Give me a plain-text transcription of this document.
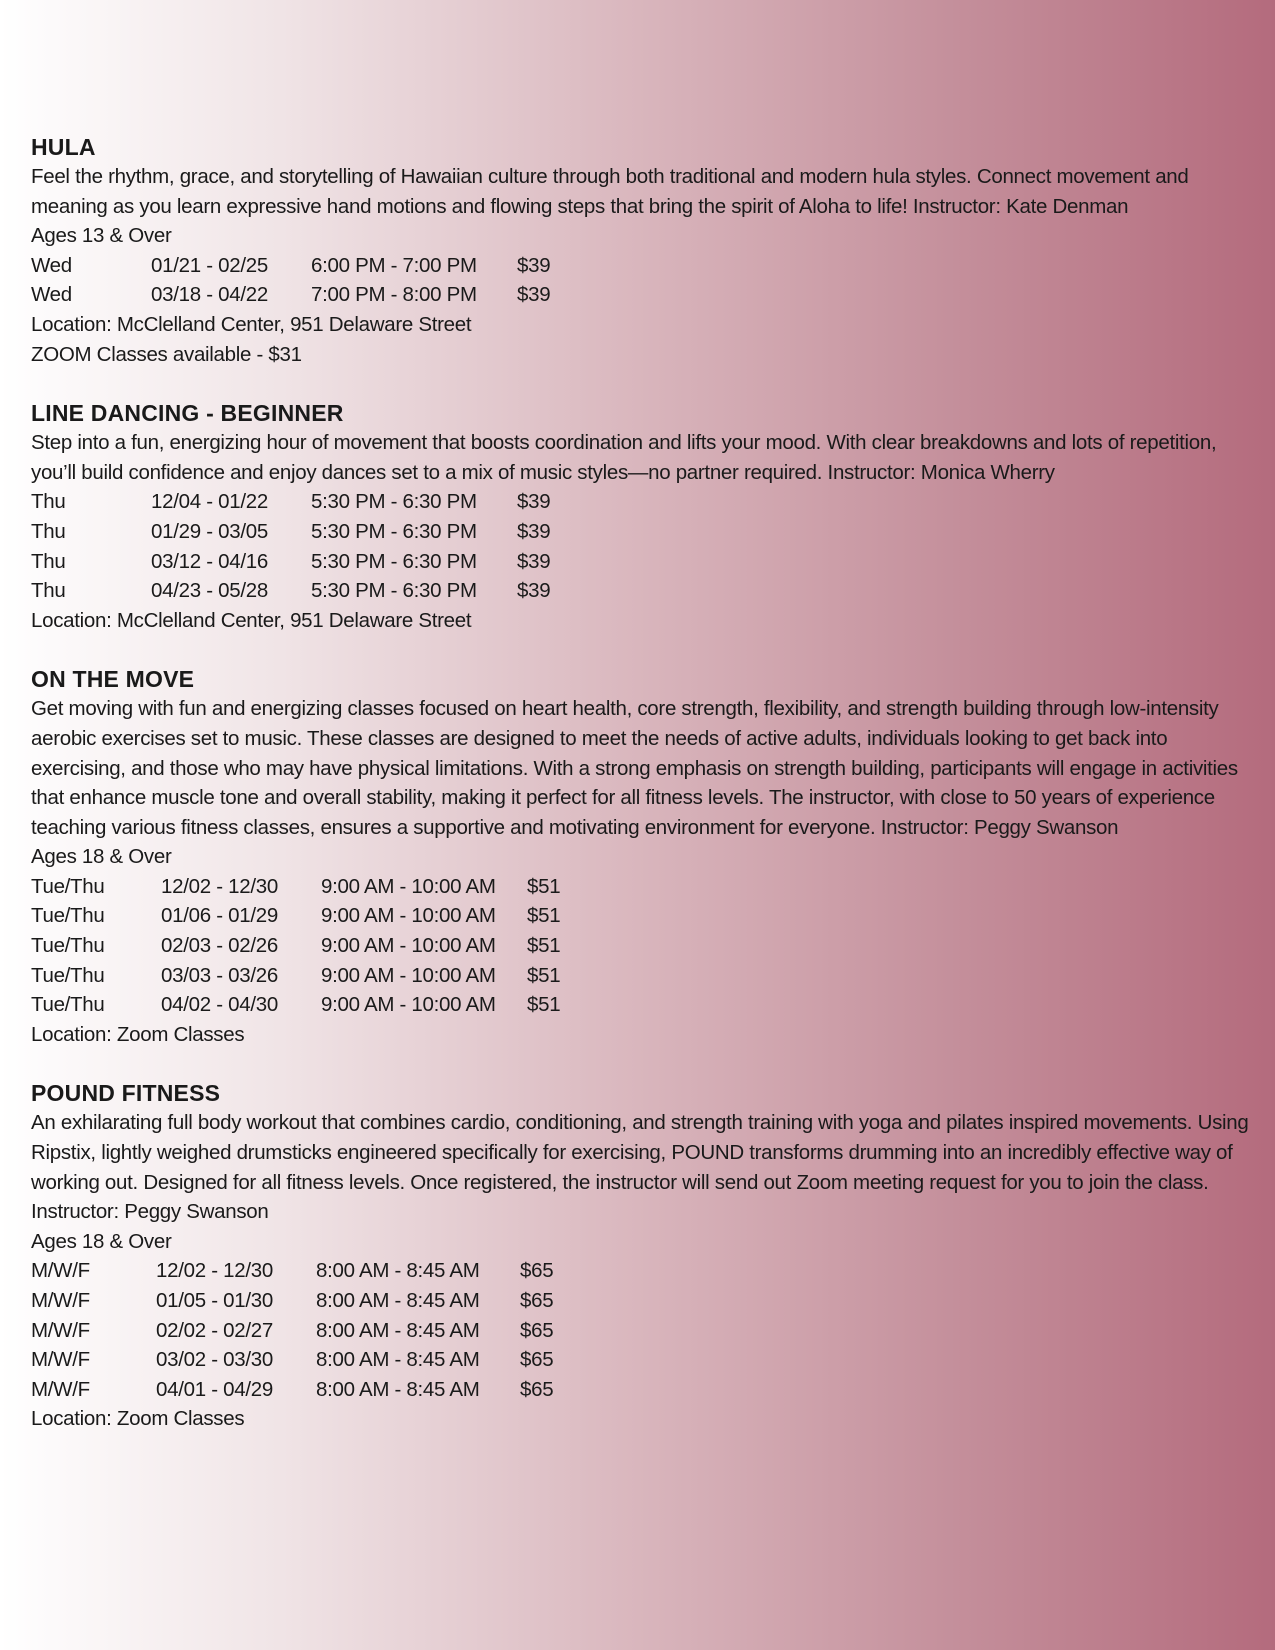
HULA

Feel the rhythm, grace, and storytelling of Hawaiian culture through both traditional and modern hula styles. Connect movement and meaning as you learn expressive hand motions and flowing steps that bring the spirit of Aloha to life! Instructor: Kate Denman

Ages 13 & Over

Wed	01/21 - 02/25	6:00 PM - 7:00 PM	$39
Wed	03/18 - 04/22	7:00 PM - 8:00 PM	$39

Location: McClelland Center, 951 Delaware Street

ZOOM Classes available - $31

LINE DANCING - BEGINNER

Step into a fun, energizing hour of movement that boosts coordination and lifts your mood. With clear breakdowns and lots of repetition, you’ll build confidence and enjoy dances set to a mix of music styles—no partner required. Instructor: Monica Wherry

Thu	12/04 - 01/22	5:30 PM - 6:30 PM	$39
Thu	01/29 - 03/05	5:30 PM - 6:30 PM	$39
Thu	03/12 - 04/16	5:30 PM - 6:30 PM	$39
Thu	04/23 - 05/28	5:30 PM - 6:30 PM	$39

Location: McClelland Center, 951 Delaware Street

ON THE MOVE

Get moving with fun and energizing classes focused on heart health, core strength, flexibility, and strength building through low-intensity aerobic exercises set to music. These classes are designed to meet the needs of active adults, individuals looking to get back into exercising, and those who may have physical limitations. With a strong emphasis on strength building, participants will engage in activities that enhance muscle tone and overall stability, making it perfect for all fitness levels. The instructor, with close to 50 years of experience teaching various fitness classes, ensures a supportive and motivating environment for everyone. Instructor: Peggy Swanson

Ages 18 & Over

Tue/Thu	12/02 - 12/30	9:00 AM - 10:00 AM	$51
Tue/Thu	01/06 - 01/29	9:00 AM - 10:00 AM	$51
Tue/Thu	02/03 - 02/26	9:00 AM - 10:00 AM	$51
Tue/Thu	03/03 - 03/26	9:00 AM - 10:00 AM	$51
Tue/Thu	04/02 - 04/30	9:00 AM - 10:00 AM	$51

Location: Zoom Classes

POUND FITNESS

An exhilarating full body workout that combines cardio, conditioning, and strength training with yoga and pilates inspired movements. Using Ripstix, lightly weighed drumsticks engineered specifically for exercising, POUND transforms drumming into an incredibly effective way of working out. Designed for all fitness levels. Once registered, the instructor will send out Zoom meeting request for you to join the class. Instructor: Peggy Swanson

Ages 18 & Over

M/W/F	12/02 - 12/30	8:00 AM - 8:45 AM	$65
M/W/F	01/05 - 01/30	8:00 AM - 8:45 AM	$65
M/W/F	02/02 - 02/27	8:00 AM - 8:45 AM	$65
M/W/F	03/02 - 03/30	8:00 AM - 8:45 AM	$65
M/W/F	04/01 - 04/29	8:00 AM - 8:45 AM	$65

Location: Zoom Classes
